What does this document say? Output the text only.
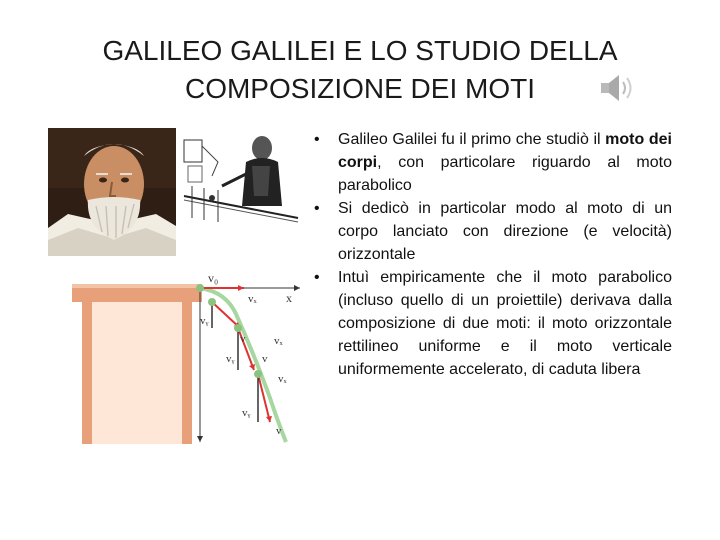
GALILEO GALILEI E LO STUDIO DELLA
COMPOSIZIONE DEI MOTI
v₀
x
vₓ
vᵧ
v	vₓ
vᵧ	v
vₓ
vᵧ
v
• Galileo Galilei fu il primo che studiò il moto dei corpi, con particolare riguardo al moto parabolico
• Si dedicò in particolar modo al moto di un corpo lanciato con direzione (e velocità) orizzontale
• Intuì empiricamente che il moto parabolico (incluso quello di un proiettile) derivava dalla composizione di due moti: il moto orizzontale rettilineo uniforme e il moto verticale uniformemente accelerato, di caduta libera
